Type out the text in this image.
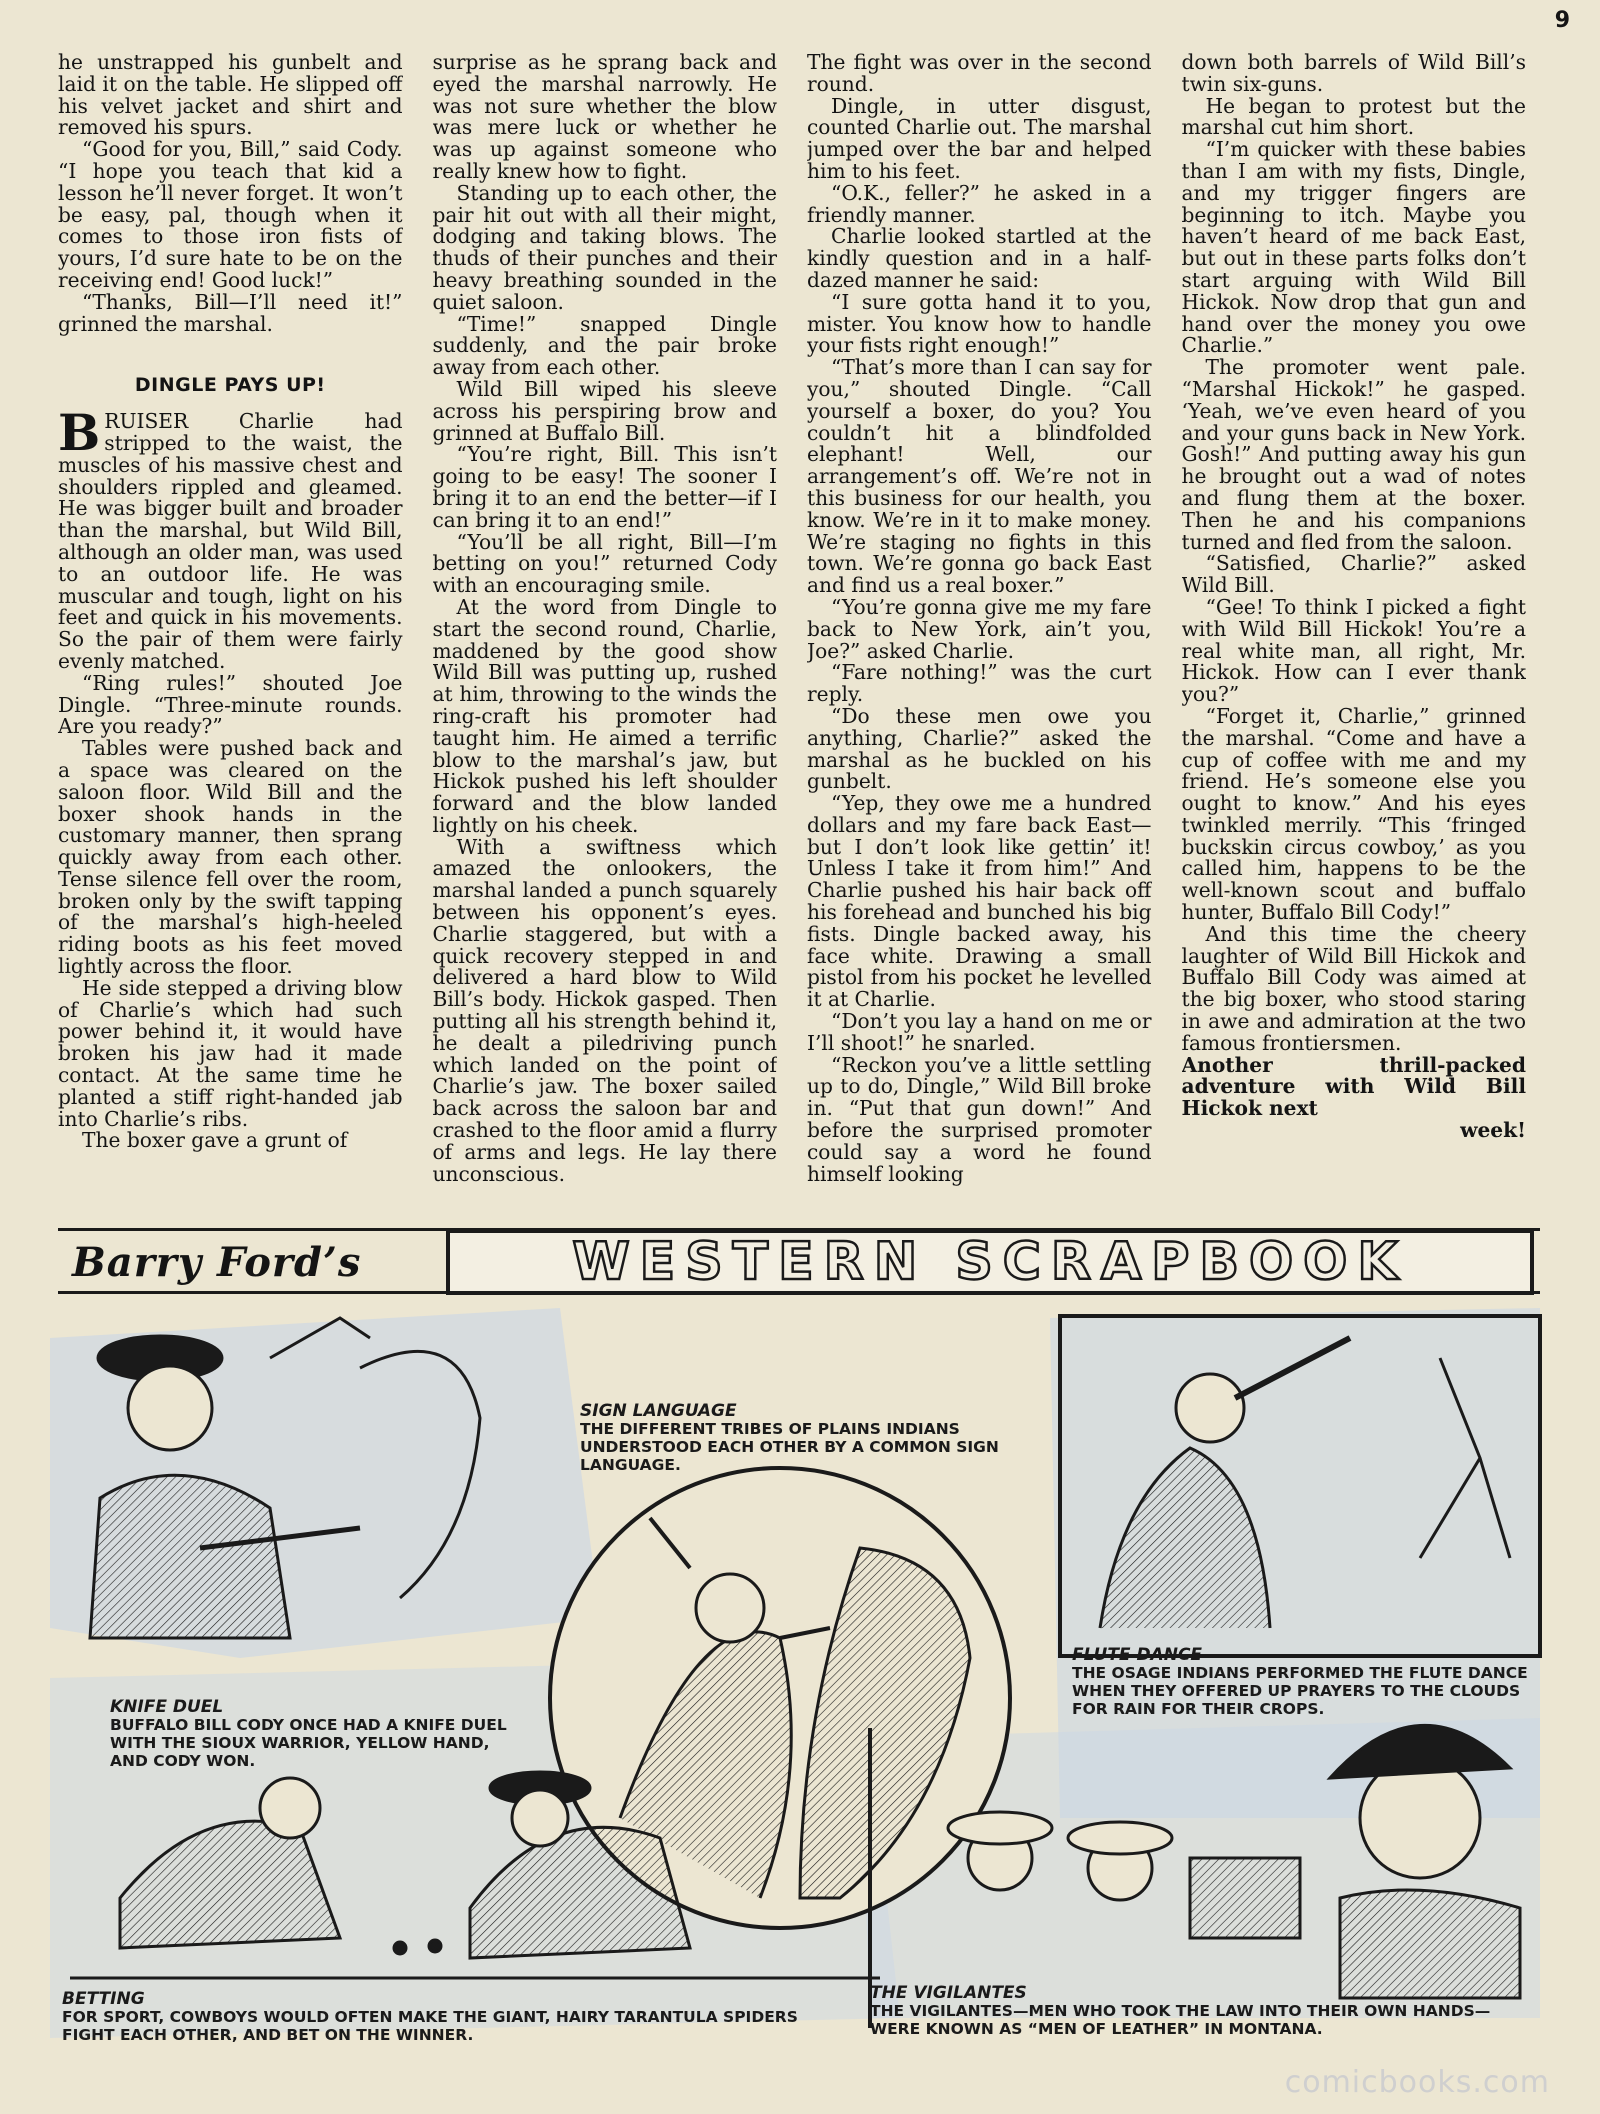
9

he unstrapped his gunbelt and laid it on the table. He slipped off his velvet jacket and shirt and removed his spurs.

“Good for you, Bill,” said Cody. “I hope you teach that kid a lesson he’ll never forget. It won’t be easy, pal, though when it comes to those iron fists of yours, I’d sure hate to be on the receiving end! Good luck!”

“Thanks, Bill—I’ll need it!” grinned the marshal.

DINGLE PAYS UP!

BRUISER Charlie had stripped to the waist, the muscles of his massive chest and shoulders rippled and gleamed. He was bigger built and broader than the marshal, but Wild Bill, although an older man, was used to an outdoor life. He was muscular and tough, light on his feet and quick in his movements. So the pair of them were fairly evenly matched.

“Ring rules!” shouted Joe Dingle. “Three-minute rounds. Are you ready?”

Tables were pushed back and a space was cleared on the saloon floor. Wild Bill and the boxer shook hands in the customary manner, then sprang quickly away from each other. Tense silence fell over the room, broken only by the swift tapping of the marshal’s high-heeled riding boots as his feet moved lightly across the floor.

He side stepped a driving blow of Charlie’s which had such power behind it, it would have broken his jaw had it made contact. At the same time he planted a stiff right-handed jab into Charlie’s ribs.

The boxer gave a grunt of

surprise as he sprang back and eyed the marshal narrowly. He was not sure whether the blow was mere luck or whether he was up against someone who really knew how to fight.

Standing up to each other, the pair hit out with all their might, dodging and taking blows. The thuds of their punches and their heavy breathing sounded in the quiet saloon.

“Time!” snapped Dingle suddenly, and the pair broke away from each other.

Wild Bill wiped his sleeve across his perspiring brow and grinned at Buffalo Bill.

“You’re right, Bill. This isn’t going to be easy! The sooner I bring it to an end the better—if I can bring it to an end!”

“You’ll be all right, Bill—I’m betting on you!” returned Cody with an encouraging smile.

At the word from Dingle to start the second round, Charlie, maddened by the good show Wild Bill was putting up, rushed at him, throwing to the winds the ring-craft his promoter had taught him. He aimed a terrific blow to the marshal’s jaw, but Hickok pushed his left shoulder forward and the blow landed lightly on his cheek.

With a swiftness which amazed the onlookers, the marshal landed a punch squarely between his opponent’s eyes. Charlie staggered, but with a quick recovery stepped in and delivered a hard blow to Wild Bill’s body. Hickok gasped. Then putting all his strength behind it, he dealt a piledriving punch which landed on the point of Charlie’s jaw. The boxer sailed back across the saloon bar and crashed to the floor amid a flurry of arms and legs. He lay there unconscious.

The fight was over in the second round.

Dingle, in utter disgust, counted Charlie out. The marshal jumped over the bar and helped him to his feet.

“O.K., feller?” he asked in a friendly manner.

Charlie looked startled at the kindly question and in a half-dazed manner he said:

“I sure gotta hand it to you, mister. You know how to handle your fists right enough!”

“That’s more than I can say for you,” shouted Dingle. “Call yourself a boxer, do you? You couldn’t hit a blindfolded elephant! Well, our arrangement’s off. We’re not in this business for our health, you know. We’re in it to make money. We’re staging no fights in this town. We’re gonna go back East and find us a real boxer.”

“You’re gonna give me my fare back to New York, ain’t you, Joe?” asked Charlie.

“Fare nothing!” was the curt reply.

“Do these men owe you anything, Charlie?” asked the marshal as he buckled on his gunbelt.

“Yep, they owe me a hundred dollars and my fare back East—but I don’t look like gettin’ it! Unless I take it from him!” And Charlie pushed his hair back off his forehead and bunched his big fists. Dingle backed away, his face white. Drawing a small pistol from his pocket he levelled it at Charlie.

“Don’t you lay a hand on me or I’ll shoot!” he snarled.

“Reckon you’ve a little settling up to do, Dingle,” Wild Bill broke in. “Put that gun down!” And before the surprised promoter could say a word he found himself looking

down both barrels of Wild Bill’s twin six-guns.

He began to protest but the marshal cut him short.

“I’m quicker with these babies than I am with my fists, Dingle, and my trigger fingers are beginning to itch. Maybe you haven’t heard of me back East, but out in these parts folks don’t start arguing with Wild Bill Hickok. Now drop that gun and hand over the money you owe Charlie.”

The promoter went pale. “Marshal Hickok!” he gasped. ‘Yeah, we’ve even heard of you and your guns back in New York. Gosh!” And putting away his gun he brought out a wad of notes and flung them at the boxer. Then he and his companions turned and fled from the saloon.

“Satisfied, Charlie?” asked Wild Bill.

“Gee! To think I picked a fight with Wild Bill Hickok! You’re a real white man, all right, Mr. Hickok. How can I ever thank you?”

“Forget it, Charlie,” grinned the marshal. “Come and have a cup of coffee with me and my friend. He’s someone else you ought to know.” And his eyes twinkled merrily. “This ‘fringed buckskin circus cowboy,’ as you called him, happens to be the well-known scout and buffalo hunter, Buffalo Bill Cody!”

And this time the cheery laughter of Wild Bill Hickok and Buffalo Bill Cody was aimed at the big boxer, who stood staring in awe and admiration at the two famous frontiersmen.

Another thrill-packed adventure with Wild Bill Hickok next

week!

Barry Ford’s	WESTERN SCRAPBOOK
SIGN LANGUAGE
THE DIFFERENT TRIBES OF PLAINS INDIANS UNDERSTOOD EACH OTHER BY A COMMON SIGN LANGUAGE.
KNIFE DUEL
BUFFALO BILL CODY ONCE HAD A KNIFE DUEL WITH THE SIOUX WARRIOR, YELLOW HAND, AND CODY WON.
FLUTE DANCE
THE OSAGE INDIANS PERFORMED THE FLUTE DANCE WHEN THEY OFFERED UP PRAYERS TO THE CLOUDS FOR RAIN FOR THEIR CROPS.
BETTING
FOR SPORT, COWBOYS WOULD OFTEN MAKE THE GIANT, HAIRY TARANTULA SPIDERS FIGHT EACH OTHER, AND BET ON THE WINNER.
THE VIGILANTES
THE VIGILANTES—MEN WHO TOOK THE LAW INTO THEIR OWN HANDS—WERE KNOWN AS “MEN OF LEATHER” IN MONTANA.
comicbooks.com
